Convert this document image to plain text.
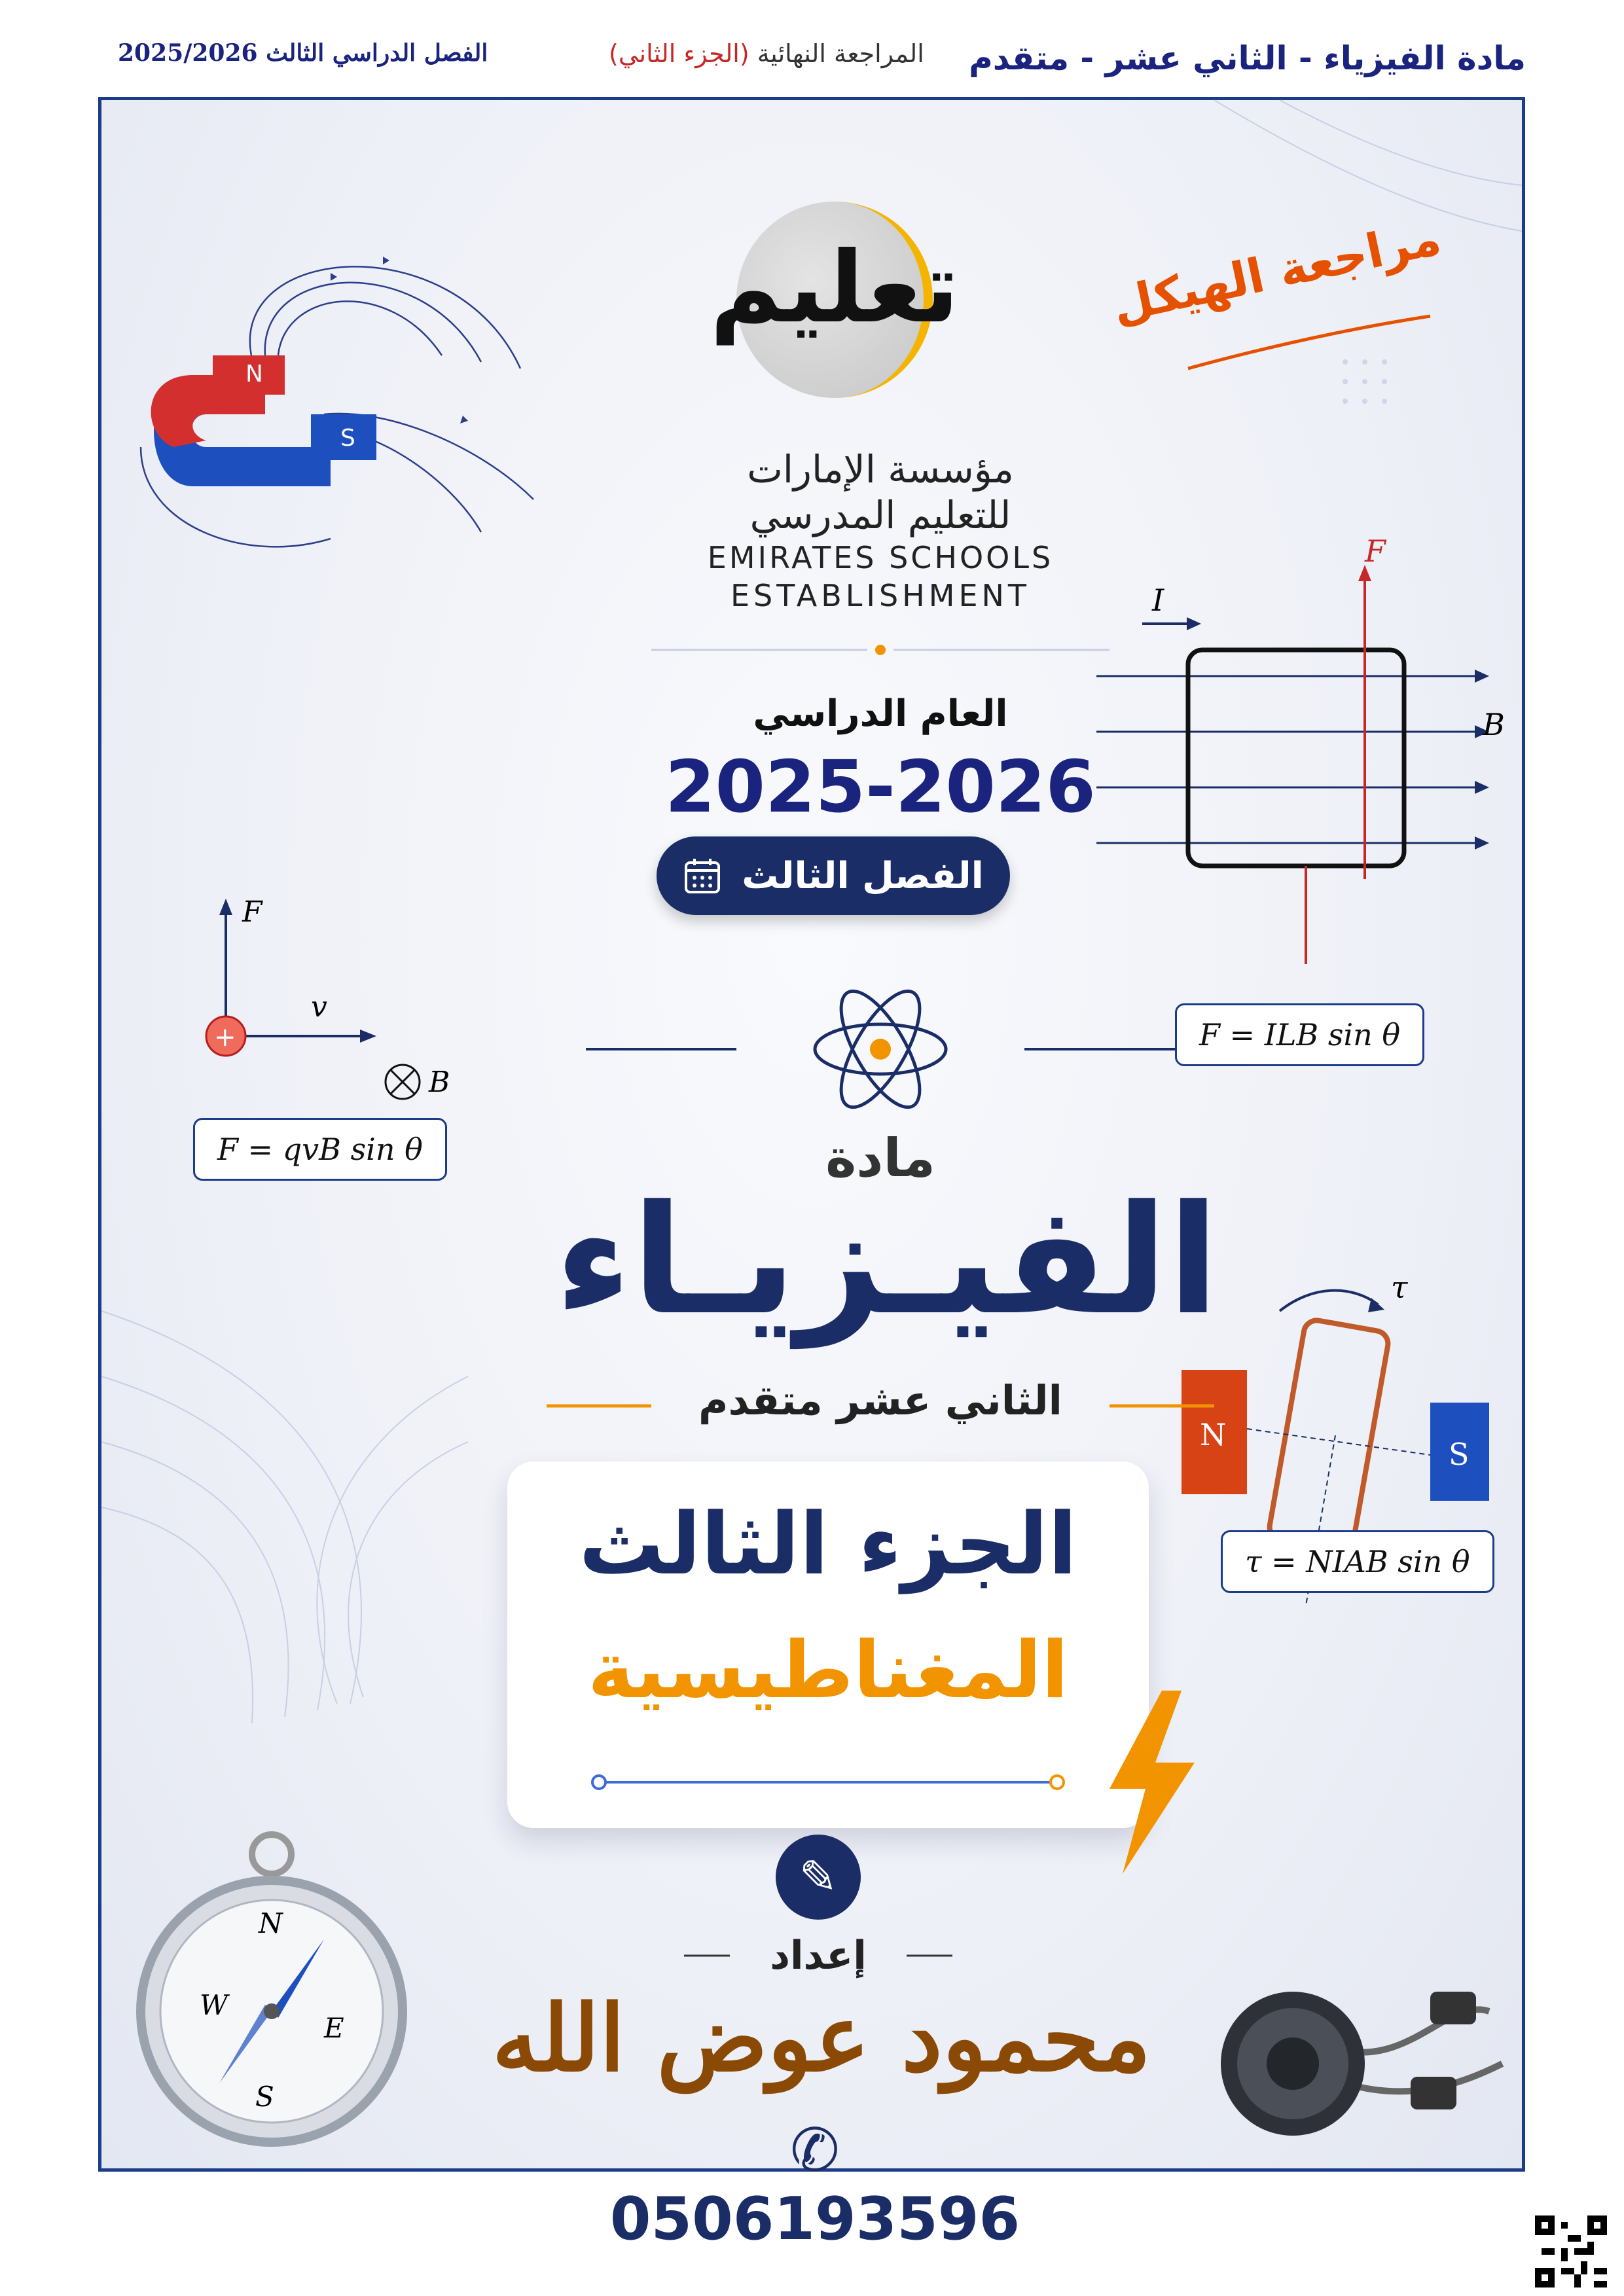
مادة الفيزياء - الثاني عشر - متقدم
المراجعة النهائية (الجزء الثاني)
الفصل الدراسي الثالث 2025/2026
N
S
+
F
v
B
F = qvB sin θ
I
F
B
F = ILB sin θ
τ
N
S
τ = NIAB sin θ
تعليم
مؤسسة الإمارات
للتعليم المدرسي
EMIRATES SCHOOLS
ESTABLISHMENT
مراجعة الهيكل
العام الدراسي
2025-2026
الفصل الثالث
مادة
الفيـزيـاء
الثاني عشر متقدم
الجزء الثالث
المغناطيسية
✎
إعداد
محمود عوض الله
✆ 0506193596
N
W
E
S
